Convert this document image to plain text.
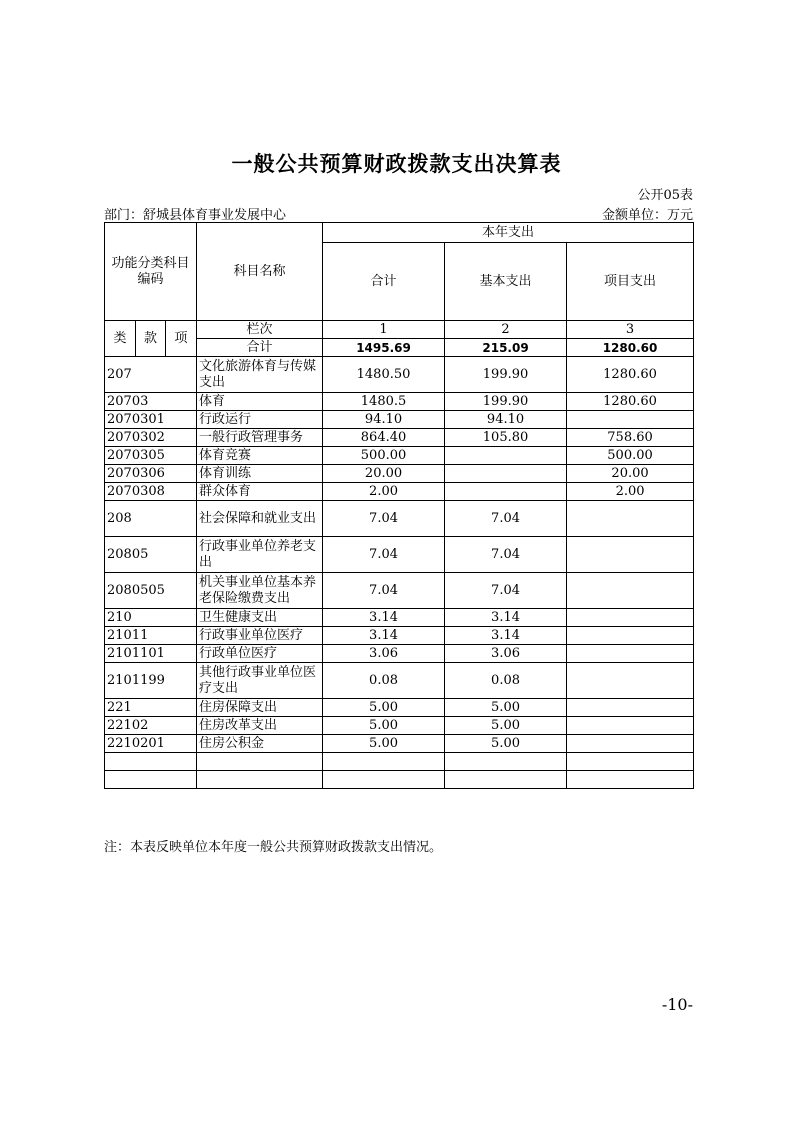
一般公共预算财政拨款支出决算表
公开05表
部门：舒城县体育事业发展中心	金额单位：万元
功能分类科目编码			科目名称	本年支出		
				合计	基本支出	项目支出
类	款	项	栏次	1	2	3
			合计	1495.69	215.09	1280.60
207			文化旅游体育与传媒支出	1480.50	199.90	1280.60
20703			体育	1480.5	199.90	1280.60
2070301			行政运行	94.10	94.10	
2070302			一般行政管理事务	864.40	105.80	758.60
2070305			体育竞赛	500.00		500.00
2070306			体育训练	20.00		20.00
2070308			群众体育	2.00		2.00
208			社会保障和就业支出	7.04	7.04	
20805			行政事业单位养老支出	7.04	7.04	
2080505			机关事业单位基本养老保险缴费支出	7.04	7.04	
210			卫生健康支出	3.14	3.14	
21011			行政事业单位医疗	3.14	3.14	
2101101			行政单位医疗	3.06	3.06	
2101199			其他行政事业单位医疗支出	0.08	0.08	
221			住房保障支出	5.00	5.00	
22102			住房改革支出	5.00	5.00	
2210201			住房公积金	5.00	5.00	

注：本表反映单位本年度一般公共预算财政拨款支出情况。
-10-
